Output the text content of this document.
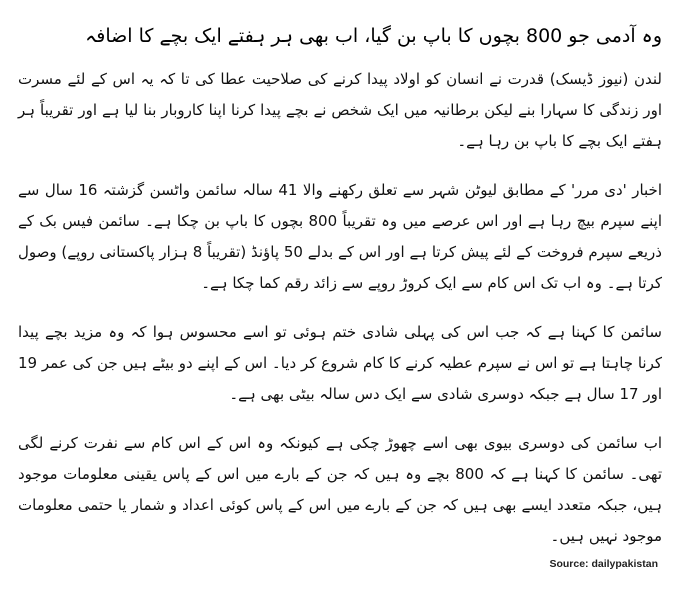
وہ آدمی جو 800 بچوں کا باپ بن گیا، اب بھی ہر ہفتے ایک بچے کا اضافہ

لندن (نیوز ڈیسک) قدرت نے انسان کو اولاد پیدا کرنے کی صلاحیت عطا کی تا کہ یہ اس کے لئے مسرت اور زندگی کا سہارا بنے لیکن برطانیہ میں ایک شخص نے بچے پیدا کرنا اپنا کاروبار بنا لیا ہے اور تقریباً ہر ہفتے ایک بچے کا باپ بن رہا ہے۔

اخبار 'دی مرر' کے مطابق لیوٹن شہر سے تعلق رکھنے والا 41 سالہ سائمن واٹسن گزشتہ 16 سال سے اپنے سپرم بیچ رہا ہے اور اس عرصے میں وہ تقریباً 800 بچوں کا باپ بن چکا ہے۔ سائمن فیس بک کے ذریعے سپرم فروخت کے لئے پیش کرتا ہے اور اس کے بدلے 50 پاؤنڈ (تقریباً 8 ہزار پاکستانی روپے) وصول کرتا ہے۔ وہ اب تک اس کام سے ایک کروڑ روپے سے زائد رقم کما چکا ہے۔

سائمن کا کہنا ہے کہ جب اس کی پہلی شادی ختم ہوئی تو اسے محسوس ہوا کہ وہ مزید بچے پیدا کرنا چاہتا ہے تو اس نے سپرم عطیہ کرنے کا کام شروع کر دیا۔ اس کے اپنے دو بیٹے ہیں جن کی عمر 19 اور 17 سال ہے جبکہ دوسری شادی سے ایک دس سالہ بیٹی بھی ہے۔

اب سائمن کی دوسری بیوی بھی اسے چھوڑ چکی ہے کیونکہ وہ اس کے اس کام سے نفرت کرنے لگی تھی۔ سائمن کا کہنا ہے کہ 800 بچے وہ ہیں کہ جن کے بارے میں اس کے پاس یقینی معلومات موجود ہیں، جبکہ متعدد ایسے بھی ہیں کہ جن کے بارے میں اس کے پاس کوئی اعداد و شمار یا حتمی معلومات موجود نہیں ہیں۔

Source: dailypakistan
